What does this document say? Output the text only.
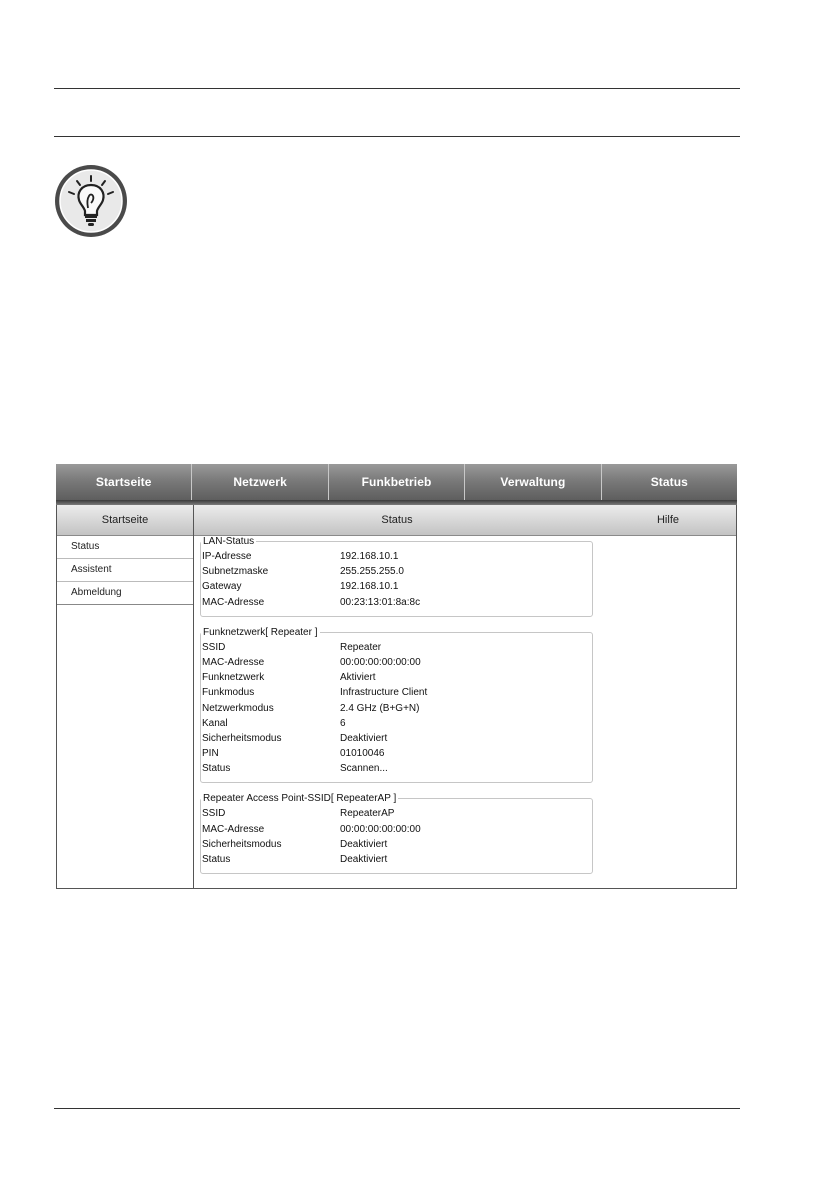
Startseite	Netzwerk	Funkbetrieb	Verwaltung	Status
Startseite
Status
Assistent
Abmeldung
Status
LAN-Status
IP-Adresse	192.168.10.1
Subnetzmaske	255.255.255.0
Gateway	192.168.10.1
MAC-Adresse	00:23:13:01:8a:8c
Funknetzwerk[ Repeater ]
SSID	Repeater
MAC-Adresse	00:00:00:00:00:00
Funknetzwerk	Aktiviert
Funkmodus	Infrastructure Client
Netzwerkmodus	2.4 GHz (B+G+N)
Kanal	6
Sicherheitsmodus	Deaktiviert
PIN	01010046
Status	Scannen...
Repeater Access Point-SSID[ RepeaterAP ]
SSID	RepeaterAP
MAC-Adresse	00:00:00:00:00:00
Sicherheitsmodus	Deaktiviert
Status	Deaktiviert
Hilfe
